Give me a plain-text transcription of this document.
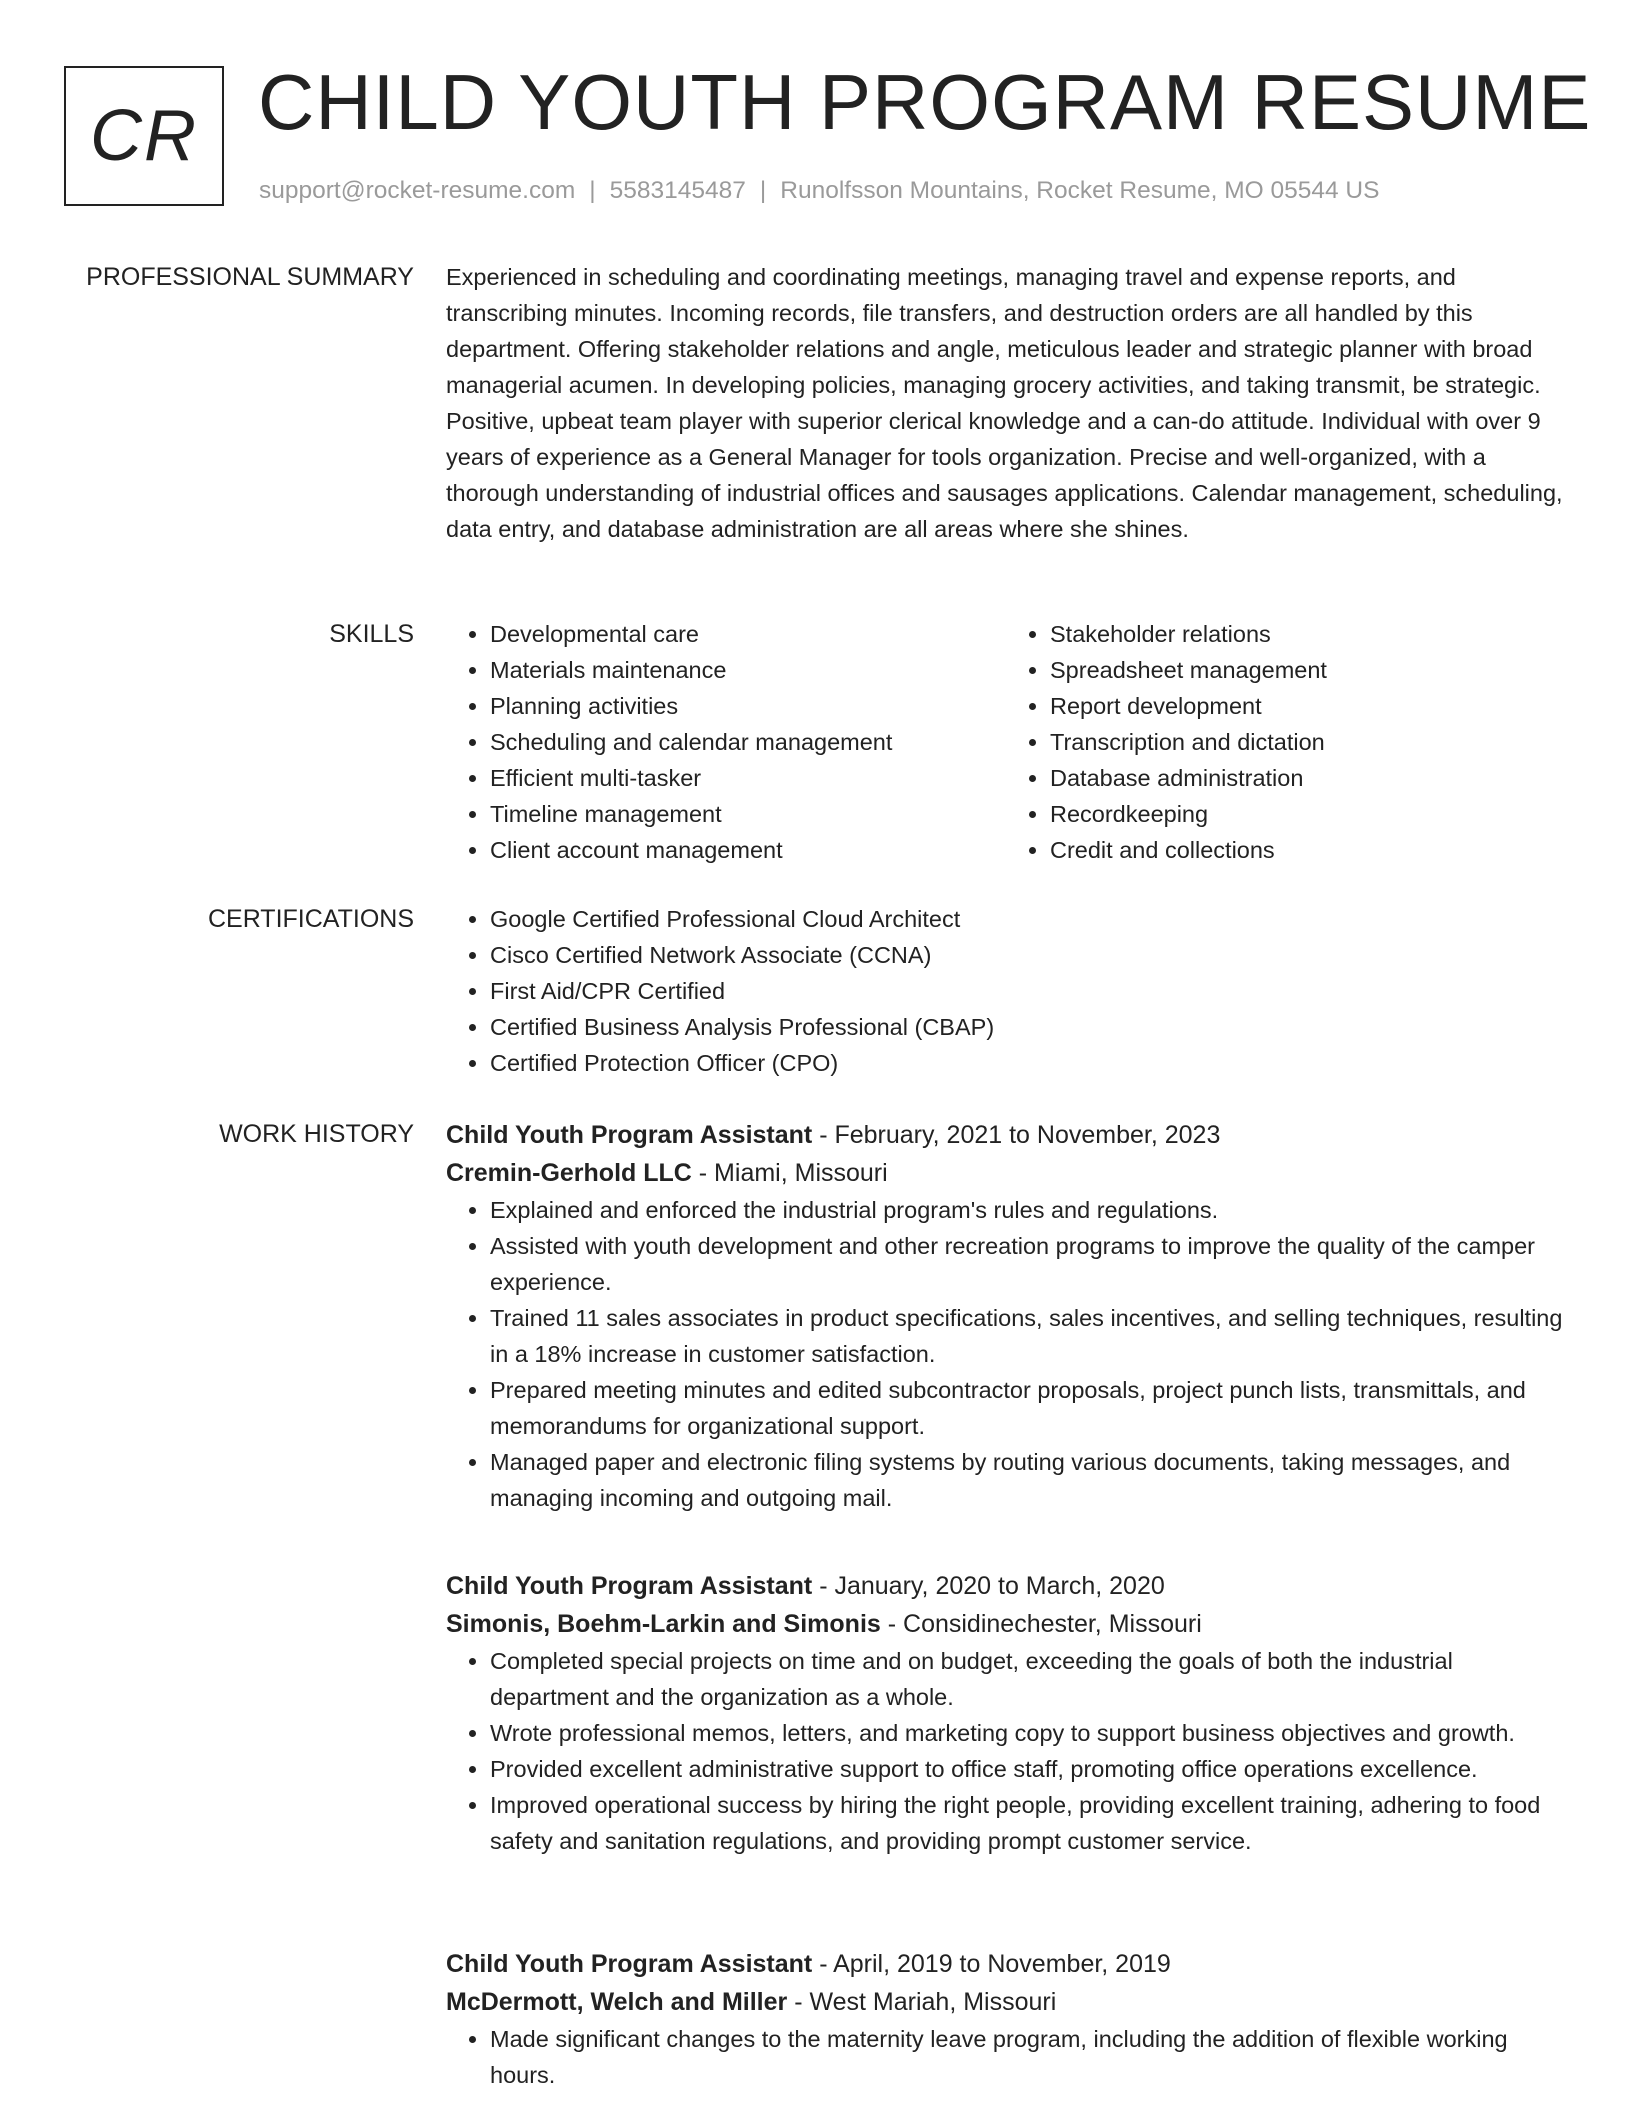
CR CHILD YOUTH PROGRAM RESUME
support@rocket-resume.com | 5583145487 | Runolfsson Mountains, Rocket Resume, MO 05544 US
PROFESSIONAL SUMMARY Experienced in scheduling and coordinating meetings, managing travel and expense reports, and transcribing minutes. Incoming records, file transfers, and destruction orders are all handled by this department. Offering stakeholder relations and angle, meticulous leader and strategic planner with broad managerial acumen. In developing policies, managing grocery activities, and taking transmit, be strategic. Positive, upbeat team player with superior clerical knowledge and a can-do attitude. Individual with over 9 years of experience as a General Manager for tools organization. Precise and well-organized, with a thorough understanding of industrial offices and sausages applications. Calendar management, scheduling, data entry, and database administration are all areas where she shines.

SKILLS	• Developmental care
• Materials maintenance
• Planning activities
• Scheduling and calendar management
• Efficient multi-tasker
• Timeline management
• Client account management
• Stakeholder relations
• Spreadsheet management
• Report development
• Transcription and dictation
• Database administration
• Recordkeeping
• Credit and collections
CERTIFICATIONS	• Google Certified Professional Cloud Architect
• Cisco Certified Network Associate (CCNA)
• First Aid/CPR Certified
• Certified Business Analysis Professional (CBAP)
• Certified Protection Officer (CPO)
WORK HISTORY Child Youth Program Assistant - February, 2021 to November, 2023
Cremin-Gerhold LLC - Miami, Missouri
• Explained and enforced the industrial program's rules and regulations.
• Assisted with youth development and other recreation programs to improve the quality of the camper experience.
• Trained 11 sales associates in product specifications, sales incentives, and selling techniques, resulting in a 18% increase in customer satisfaction.
• Prepared meeting minutes and edited subcontractor proposals, project punch lists, transmittals, and memorandums for organizational support.
• Managed paper and electronic filing systems by routing various documents, taking messages, and managing incoming and outgoing mail.
Child Youth Program Assistant - January, 2020 to March, 2020
Simonis, Boehm-Larkin and Simonis - Considinechester, Missouri
• Completed special projects on time and on budget, exceeding the goals of both the industrial department and the organization as a whole.
• Wrote professional memos, letters, and marketing copy to support business objectives and growth.
• Provided excellent administrative support to office staff, promoting office operations excellence.
• Improved operational success by hiring the right people, providing excellent training, adhering to food safety and sanitation regulations, and providing prompt customer service.
Child Youth Program Assistant - April, 2019 to November, 2019
McDermott, Welch and Miller - West Mariah, Missouri
• Made significant changes to the maternity leave program, including the addition of flexible working hours.
